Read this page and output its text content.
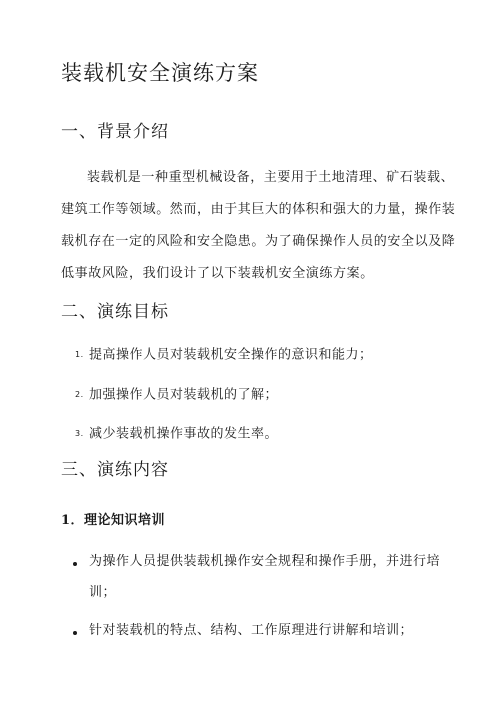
装载机安全演练方案
一、背景介绍
装载机是一种重型机械设备，主要用于土地清理、矿石装载、
建筑工作等领域。然而，由于其巨大的体积和强大的力量，操作装
载机存在一定的风险和安全隐患。为了确保操作人员的安全以及降
低事故风险，我们设计了以下装载机安全演练方案。
二、演练目标
1. 提高操作人员对装载机安全操作的意识和能力；
2. 加强操作人员对装载机的了解；
3. 减少装载机操作事故的发生率。
三、演练内容
1．理论知识培训
为操作人员提供装载机操作安全规程和操作手册，并进行培
训；
针对装载机的特点、结构、工作原理进行讲解和培训；
